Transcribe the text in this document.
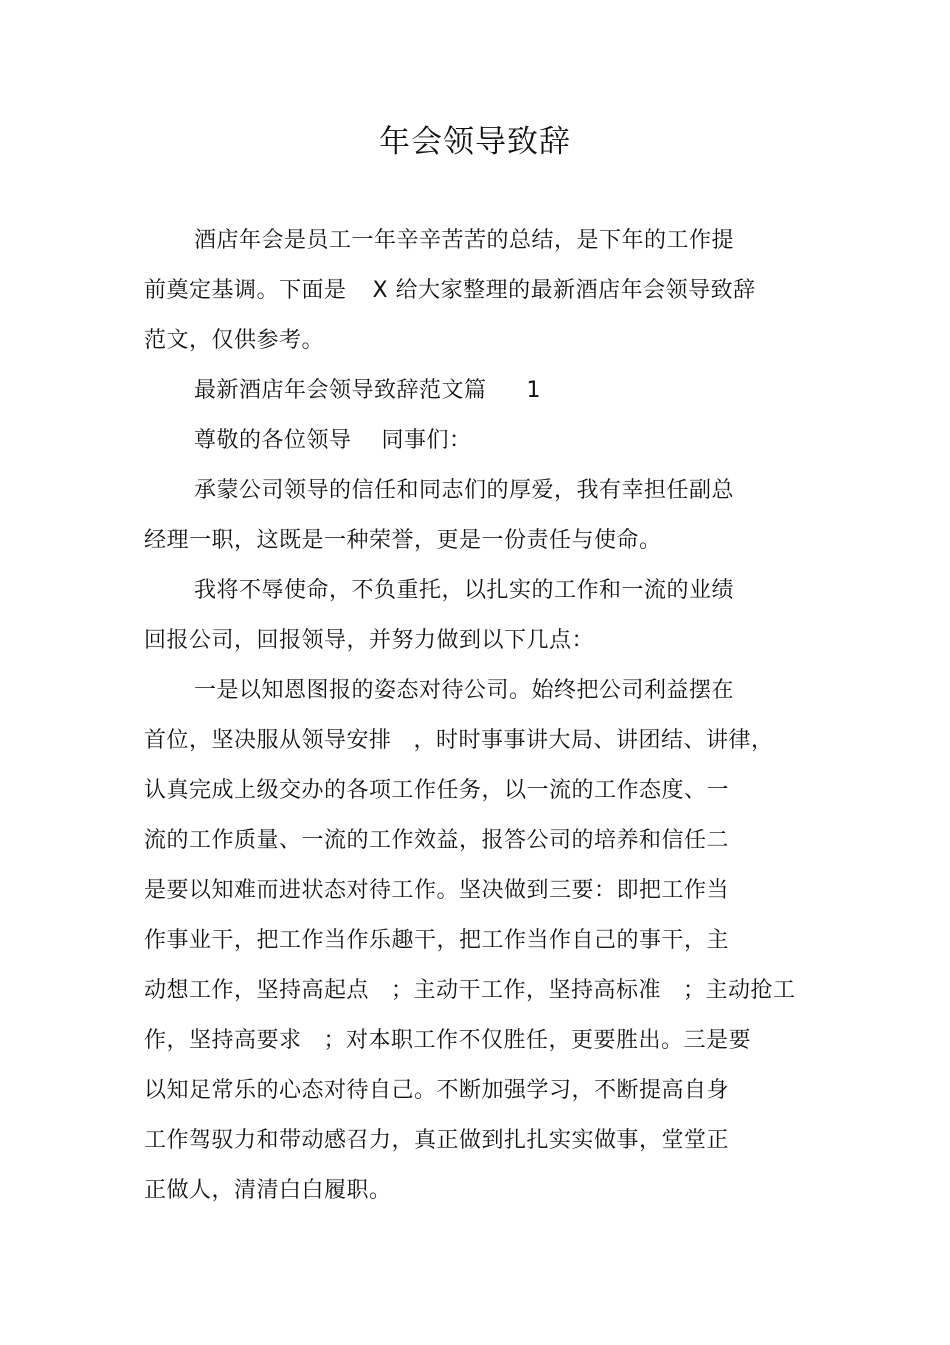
年会领导致辞
酒店年会是员工一年辛辛苦苦的总结，是下年的工作提
前奠定基调。下面是 X 给大家整理的最新酒店年会领导致辞
范文，仅供参考。
最新酒店年会领导致辞范文篇 1
尊敬的各位领导 同事们：
承蒙公司领导的信任和同志们的厚爱，我有幸担任副总
经理一职，这既是一种荣誉，更是一份责任与使命。
我将不辱使命，不负重托，以扎实的工作和一流的业绩
回报公司，回报领导，并努力做到以下几点：
一是以知恩图报的姿态对待公司。始终把公司利益摆在
首位，坚决服从领导安排 ，时时事事讲大局、讲团结、讲律，
认真完成上级交办的各项工作任务，以一流的工作态度、一
流的工作质量、一流的工作效益，报答公司的培养和信任二
是要以知难而进状态对待工作。坚决做到三要：即把工作当
作事业干，把工作当作乐趣干，把工作当作自己的事干，主
动想工作，坚持高起点 ；主动干工作，坚持高标准 ；主动抢工
作，坚持高要求 ；对本职工作不仅胜任，更要胜出。三是要
以知足常乐的心态对待自己。不断加强学习，不断提高自身
工作驾驭力和带动感召力，真正做到扎扎实实做事，堂堂正
正做人，清清白白履职。
